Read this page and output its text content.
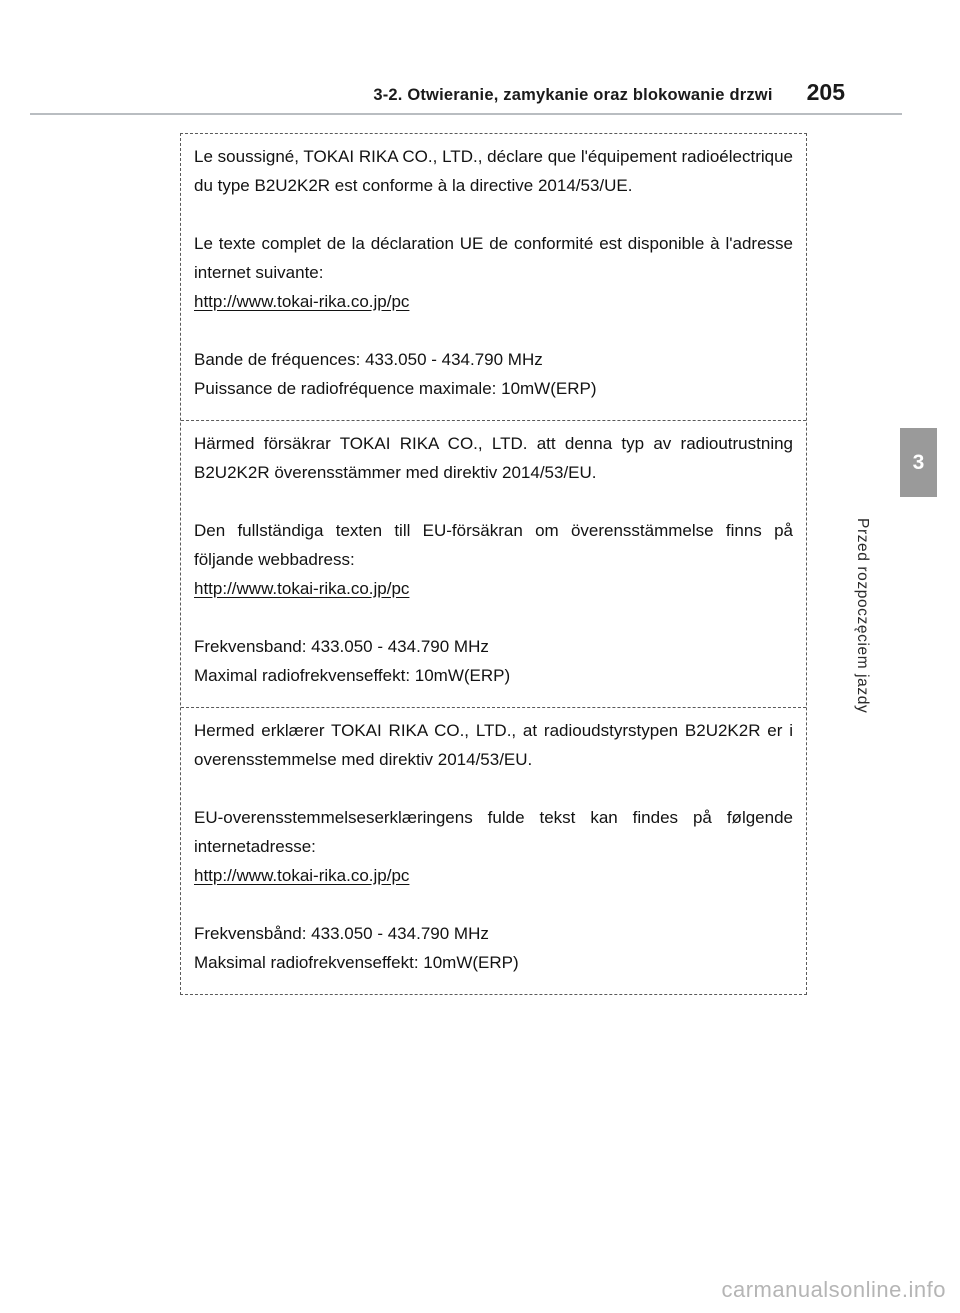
3-2. Otwieranie, zamykanie oraz blokowanie drzwi 205

Le soussigné, TOKAI RIKA CO., LTD., déclare que l'équipement radioélectrique du type B2U2K2R est conforme à la directive 2014/53/UE.

Le texte complet de la déclaration UE de conformité est disponible à l'adresse internet suivante:

http://www.tokai-rika.co.jp/pc

Bande de fréquences: 433.050 - 434.790 MHz

Puissance de radiofréquence maximale: 10mW(ERP)

Härmed försäkrar TOKAI RIKA CO., LTD. att denna typ av radioutrustning B2U2K2R överensstämmer med direktiv 2014/53/EU.

Den fullständiga texten till EU-försäkran om överensstämmelse finns på följande webbadress:

http://www.tokai-rika.co.jp/pc

Frekvensband: 433.050 - 434.790 MHz

Maximal radiofrekvenseffekt: 10mW(ERP)

Hermed erklærer TOKAI RIKA CO., LTD., at radioudstyrstypen B2U2K2R er i overensstemmelse med direktiv 2014/53/EU.

EU-overensstemmelseserklæringens fulde tekst kan findes på følgende internetadresse:

http://www.tokai-rika.co.jp/pc

Frekvensbånd: 433.050 - 434.790 MHz

Maksimal radiofrekvenseffekt: 10mW(ERP)

3
Przed rozpoczęciem jazdy
carmanualsonline.info
